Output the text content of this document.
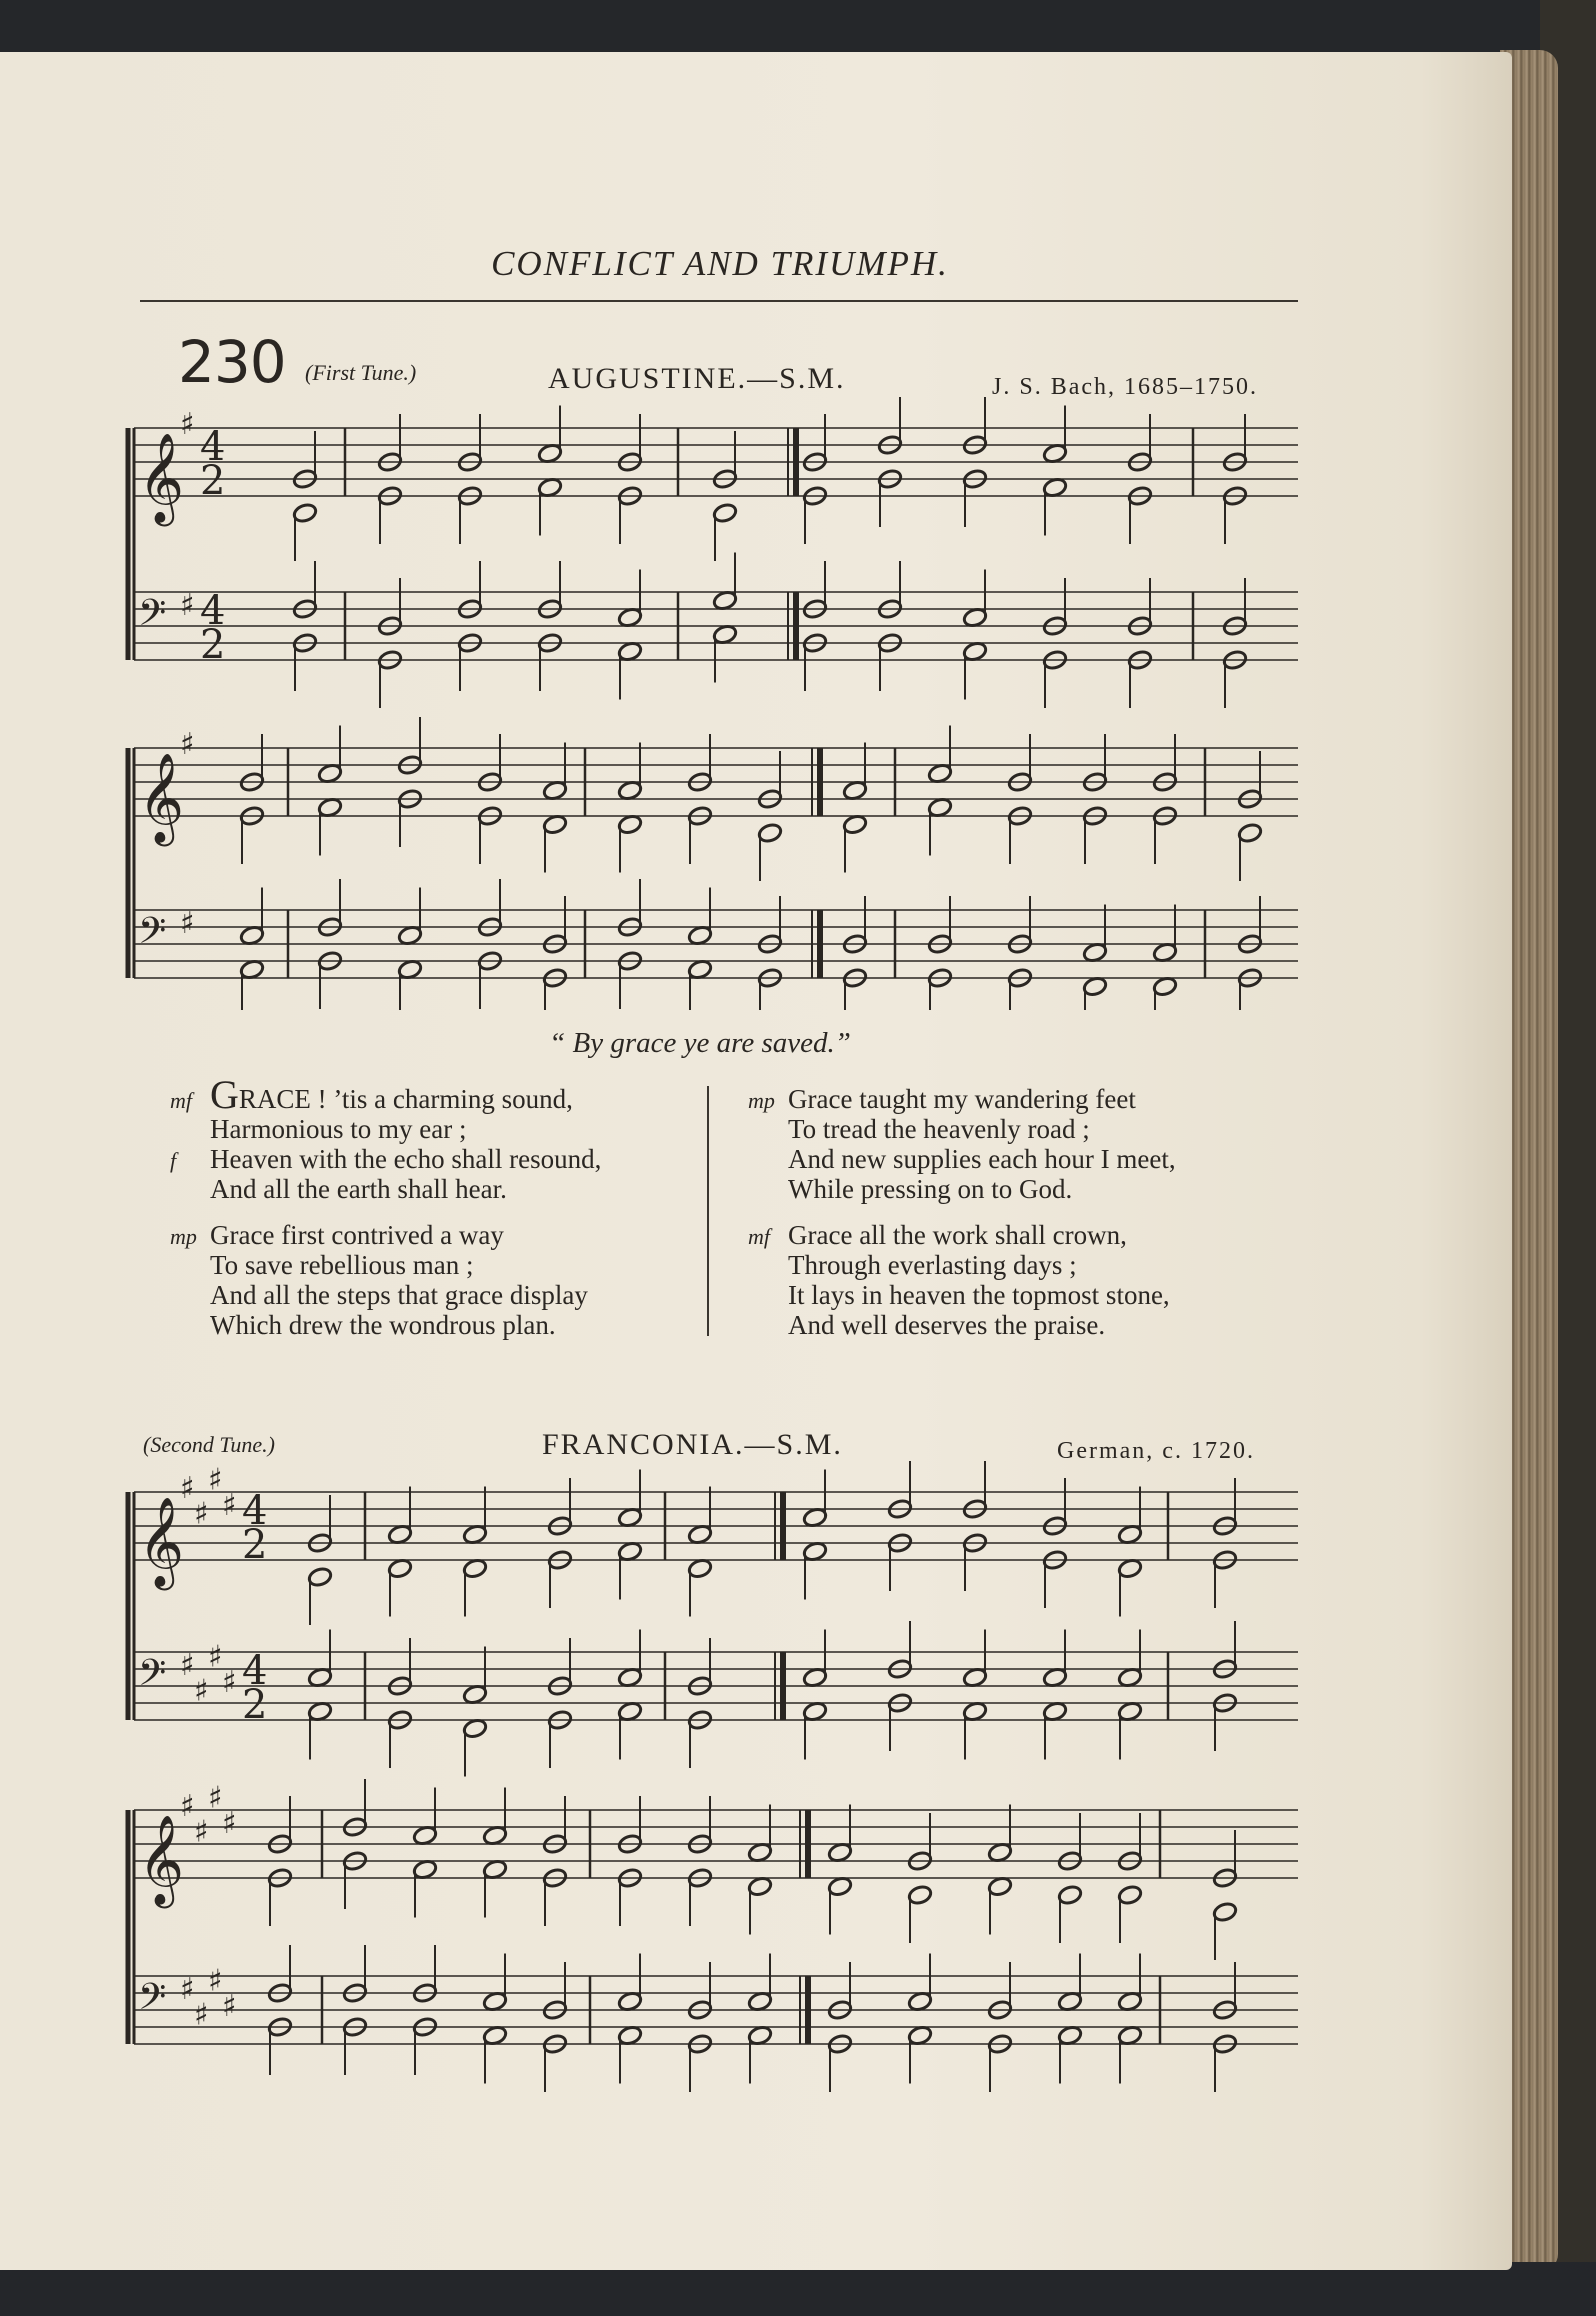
CONFLICT AND TRIUMPH.
230 (First Tune.)	AUGUSTINE.—S.M.	J. S. Bach, 1685–1750.
𝄞
𝄢
♯
♯
4
2
4
2
𝄞
𝄢
♯
♯
“ By grace ye are saved.”
mf GRACE ! ’tis a charming sound,
Harmonious to my ear ;
f Heaven with the echo shall resound,
And all the earth shall hear.
mp Grace first contrived a way
To save rebellious man ;
And all the steps that grace display
Which drew the wondrous plan.
mp Grace taught my wandering feet
To tread the heavenly road ;
And new supplies each hour I meet,
While pressing on to God.
mf Grace all the work shall crown,
Through everlasting days ;
It lays in heaven the topmost stone,
And well deserves the praise.
(Second Tune.)	FRANCONIA.—S.M.	German, c. 1720.
𝄞
𝄢
♯
♯
♯
♯
♯
♯
♯
♯
4
2
4
2
𝄞
𝄢
♯
♯
♯
♯
♯
♯
♯
♯
